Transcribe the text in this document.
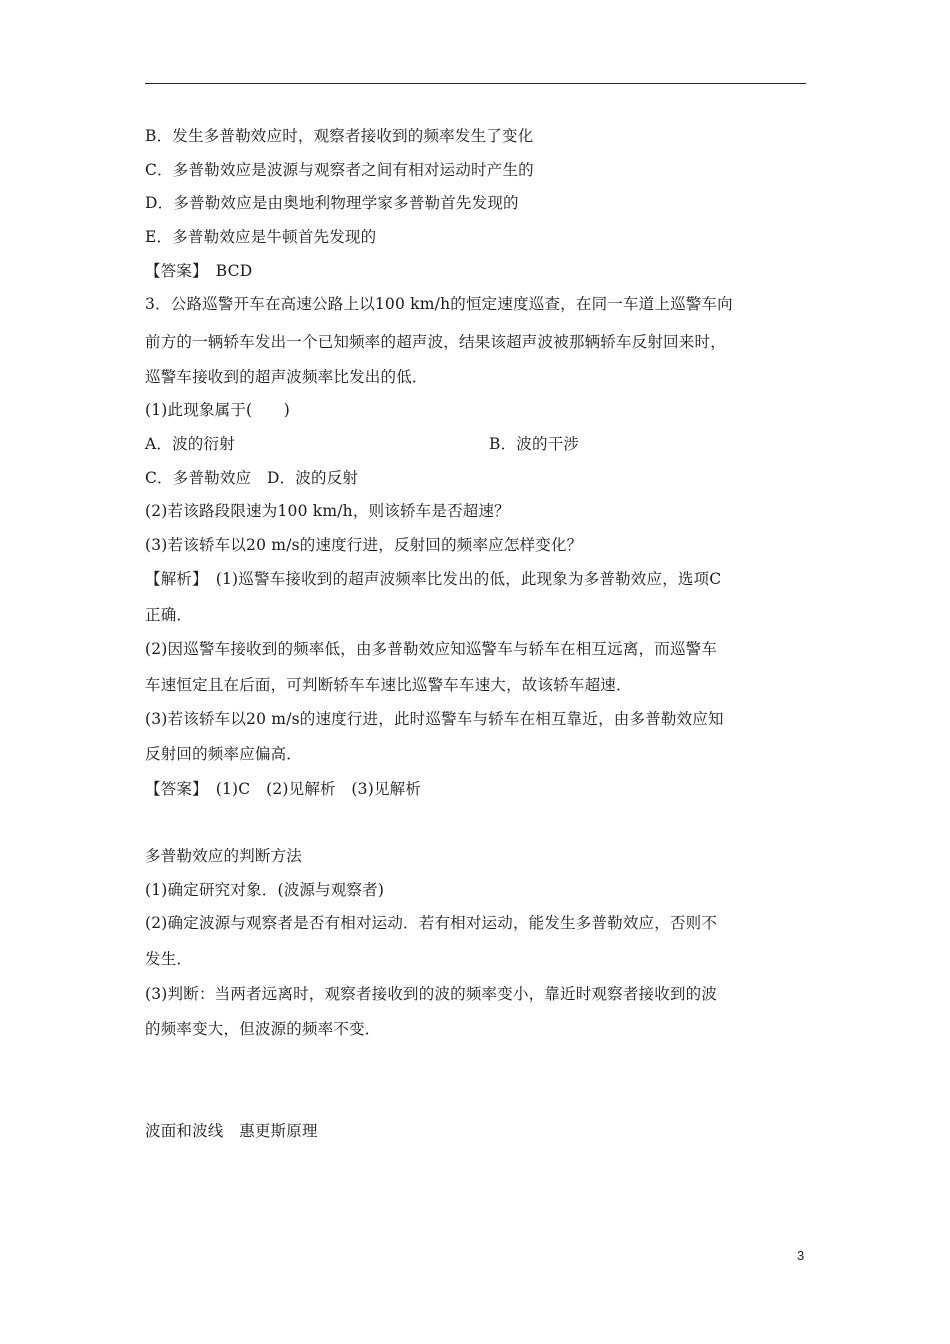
B．发生多普勒效应时，观察者接收到的频率发生了变化
C．多普勒效应是波源与观察者之间有相对运动时产生的
D．多普勒效应是由奥地利物理学家多普勒首先发现的
E．多普勒效应是牛顿首先发现的
【答案】　BCD
3．公路巡警开车在高速公路上以100 km/h的恒定速度巡查，在同一车道上巡警车向
前方的一辆轿车发出一个已知频率的超声波，结果该超声波被那辆轿车反射回来时，
巡警车接收到的超声波频率比发出的低．
(1)此现象属于(　　)
A．波的衍射	B．波的干涉
C．多普勒效应　D．波的反射
(2)若该路段限速为100 km/h，则该轿车是否超速？
(3)若该轿车以20 m/s的速度行进，反射回的频率应怎样变化？
【解析】　(1)巡警车接收到的超声波频率比发出的低，此现象为多普勒效应，选项C
正确．
(2)因巡警车接收到的频率低，由多普勒效应知巡警车与轿车在相互远离，而巡警车
车速恒定且在后面，可判断轿车车速比巡警车车速大，故该轿车超速．
(3)若该轿车以20 m/s的速度行进，此时巡警车与轿车在相互靠近，由多普勒效应知
反射回的频率应偏高．
【答案】　(1)C　(2)见解析　(3)见解析
多普勒效应的判断方法
(1)确定研究对象．(波源与观察者)
(2)确定波源与观察者是否有相对运动．若有相对运动，能发生多普勒效应，否则不
发生．
(3)判断：当两者远离时，观察者接收到的波的频率变小，靠近时观察者接收到的波
的频率变大，但波源的频率不变．
波面和波线　惠更斯原理
3
